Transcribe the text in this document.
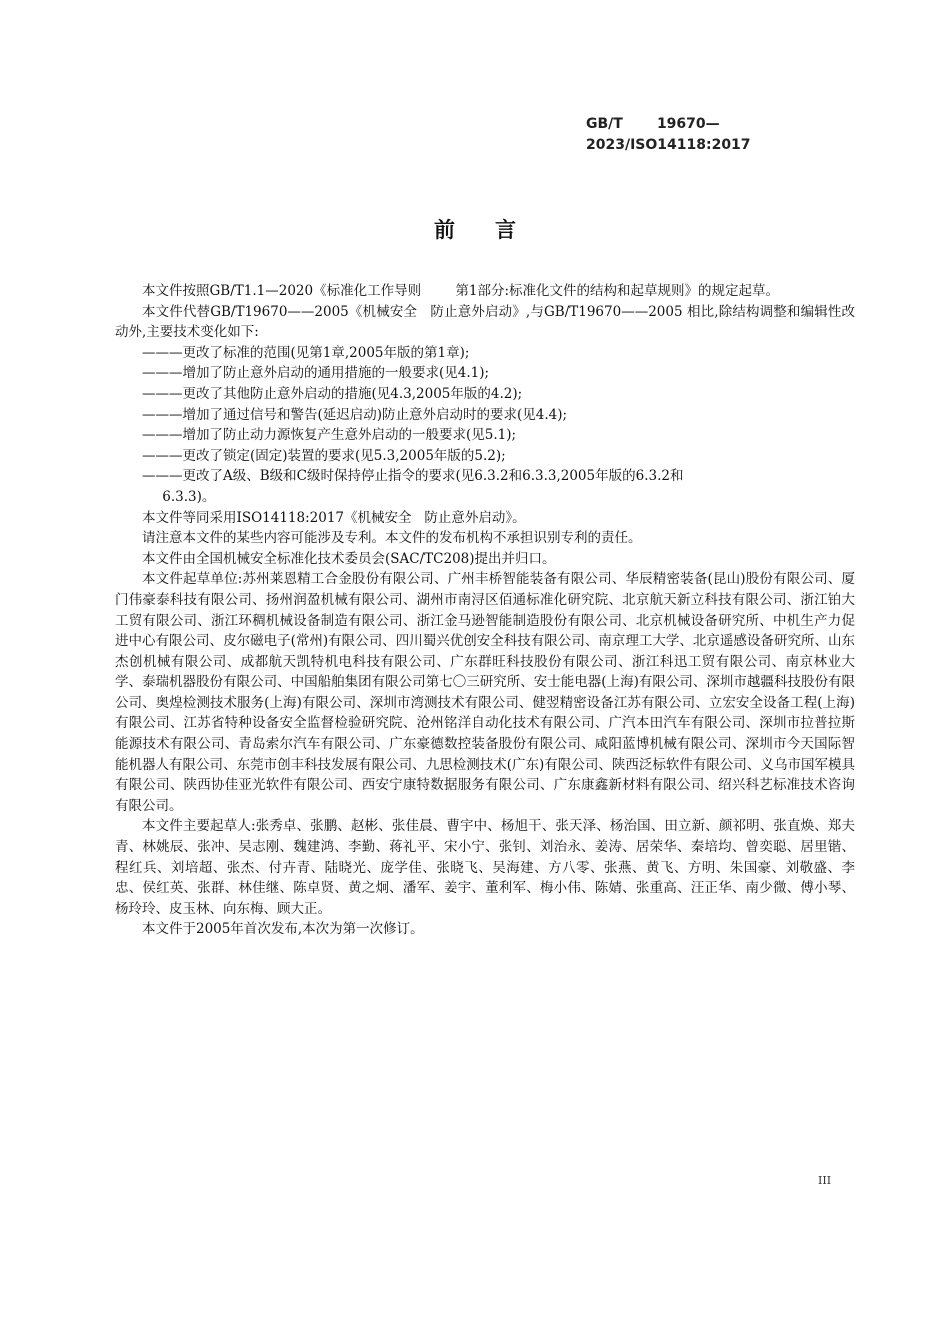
GB/T       19670—
2023/ISO14118:2017
前言

本文件按照GB/T1.1—2020《标准化工作导则        第1部分:标准化文件的结构和起草规则》的规定起草。

本文件代替GB/T19670——2005《机械安全   防止意外启动》,与GB/T19670——2005 相比,除结构调整和编辑性改动外,主要技术变化如下:

———更改了标准的范围(见第1章,2005年版的第1章);

———增加了防止意外启动的通用措施的一般要求(见4.1);

———更改了其他防止意外启动的措施(见4.3,2005年版的4.2);

———增加了通过信号和警告(延迟启动)防止意外启动时的要求(见4.4);

———增加了防止动力源恢复产生意外启动的一般要求(见5.1);

———更改了锁定(固定)装置的要求(见5.3,2005年版的5.2);

———更改了A级、B级和C级时保持停止指令的要求(见6.3.2和6.3.3,2005年版的6.3.2和

6.3.3)。

本文件等同采用ISO14118:2017《机械安全   防止意外启动》。

请注意本文件的某些内容可能涉及专利。本文件的发布机构不承担识别专利的责任。

本文件由全国机械安全标准化技术委员会(SAC/TC208)提出并归口。

本文件起草单位:苏州莱恩精工合金股份有限公司、广州丰桥智能装备有限公司、华辰精密装备(昆山)股份有限公司、厦门伟豪泰科技有限公司、扬州润盈机械有限公司、湖州市南浔区佰通标准化研究院、北京航天新立科技有限公司、浙江铂大工贸有限公司、浙江环稠机械设备制造有限公司、浙江金马逊智能制造股份有限公司、北京机械设备研究所、中机生产力促进中心有限公司、皮尔磁电子(常州)有限公司、四川蜀兴优创安全科技有限公司、南京理工大学、北京遥感设备研究所、山东杰创机械有限公司、成都航天凯特机电科技有限公司、广东群旺科技股份有限公司、浙江科迅工贸有限公司、南京林业大学、泰瑞机器股份有限公司、中国船舶集团有限公司第七〇三研究所、安士能电器(上海)有限公司、深圳市越疆科技股份有限公司、奥煌检测技术服务(上海)有限公司、深圳市湾测技术有限公司、健翌精密设备江苏有限公司、立宏安全设备工程(上海)有限公司、江苏省特种设备安全监督检验研究院、沧州铭洋自动化技术有限公司、广汽本田汽车有限公司、深圳市拉普拉斯能源技术有限公司、青岛索尔汽车有限公司、广东豪德数控装备股份有限公司、咸阳蓝博机械有限公司、深圳市今天国际智能机器人有限公司、东莞市创丰科技发展有限公司、九思检测技术(广东)有限公司、陕西泛标软件有限公司、义乌市国军模具有限公司、陕西协佳亚光软件有限公司、西安宁康特数据服务有限公司、广东康鑫新材料有限公司、绍兴科艺标准技术咨询有限公司。

本文件主要起草人:张秀卓、张鹏、赵彬、张佳晨、曹宇中、杨旭干、张天泽、杨治国、田立新、颜祁明、张直焕、郑夫青、林姚辰、张冲、吴志刚、魏建鸿、李勤、蒋礼平、宋小宁、张钊、刘治永、姜涛、居荣华、秦培均、曾奕聪、居里锴、程红兵、刘培超、张杰、付卉青、陆晓光、庞学佳、张晓飞、吴海建、方八零、张燕、黄飞、方明、朱国豪、刘敬盛、李忠、侯红英、张群、林佳继、陈卓贤、黄之炯、潘军、姜宇、董利军、梅小伟、陈婧、张重高、汪正华、南少微、傅小琴、杨玲玲、皮玉林、向东梅、顾大正。

本文件于2005年首次发布,本次为第一次修订。

III
